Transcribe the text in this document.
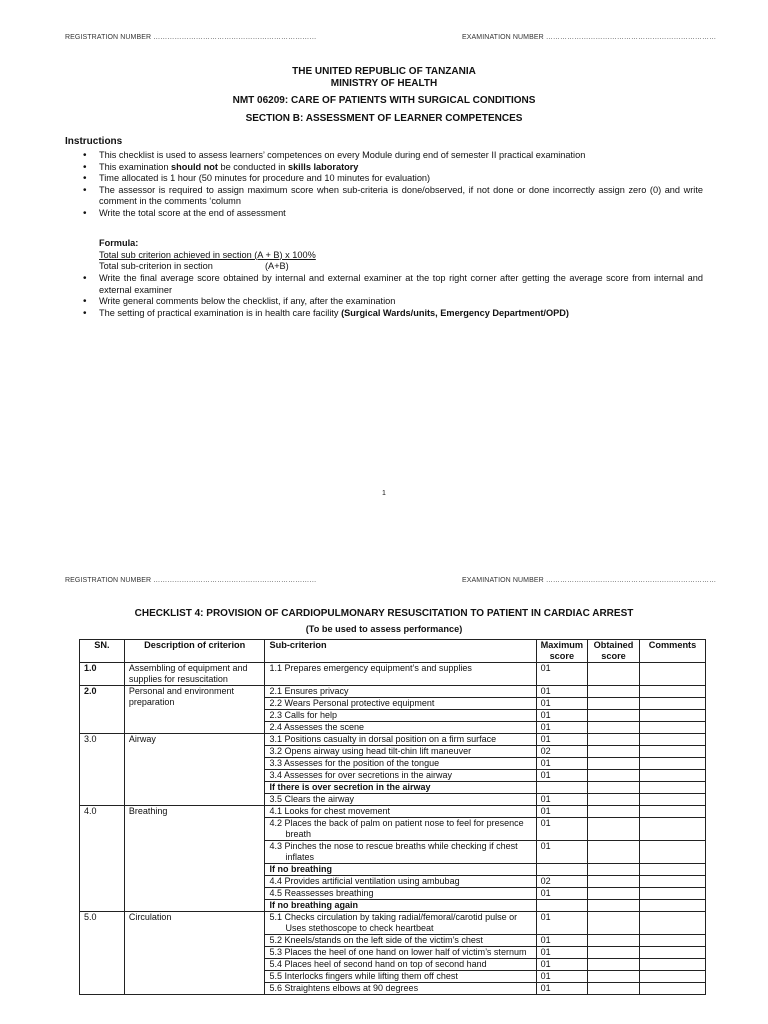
REGISTRATION NUMBER ……………………………………………………………	EXAMINATION NUMBER ………………………………………………………………
THE UNITED REPUBLIC OF TANZANIA
MINISTRY OF HEALTH
NMT 06209: CARE OF PATIENTS WITH SURGICAL CONDITIONS
SECTION B: ASSESSMENT OF LEARNER COMPETENCES
Instructions
• This checklist is used to assess learners’ competences on every Module during end of semester II practical examination
• This examination should not be conducted in skills laboratory
• Time allocated is 1 hour (50 minutes for procedure and 10 minutes for evaluation)
• The assessor is required to assign maximum score when sub-criteria is done/observed, if not done or done incorrectly assign zero (0) and write comment in the comments ‘column
• Write the total score at the end of assessment
Formula:
Total sub criterion achieved in section (A + B) x 100%
Total sub-criterion in section	(A+B)
• Write the final average score obtained by internal and external examiner at the top right corner after getting the average score from internal and external examiner
• Write general comments below the checklist, if any, after the examination
• The setting of practical examination is in health care facility (Surgical Wards/units, Emergency Department/OPD)
1
REGISTRATION NUMBER ……………………………………………………………	EXAMINATION NUMBER ………………………………………………………………
CHECKLIST 4: PROVISION OF CARDIOPULMONARY RESUSCITATION TO PATIENT IN CARDIAC ARREST
(To be used to assess performance)
SN.	Description of criterion	Sub-criterion	Maximum score	Obtained score	Comments
1.0	Assembling of equipment and supplies for resuscitation	1.1 Prepares emergency equipment’s and supplies	01		
2.0	Personal and environment preparation	2.1 Ensures privacy	01		

		2.2 Wears Personal protective equipment	01		

		2.3 Calls for help	01		

		2.4 Assesses the scene	01		
3.0	Airway	3.1 Positions casualty in dorsal position on a firm surface	01		

		3.2 Opens airway using head tilt-chin lift maneuver	02		

		3.3 Assesses for the position of the tongue	01		

		3.4 Assesses for over secretions in the airway	01		
		If there is over secretion in the airway			

		3.5 Clears the airway	01		
4.0	Breathing	4.1 Looks for chest movement	01		

		4.2 Places the back of palm on patient nose to feel for presence breath	01		

		4.3 Pinches the nose to rescue breaths while checking if chest inflates	01		
		If no breathing			

		4.4 Provides artificial ventilation using ambubag	02		

		4.5 Reassesses breathing	01		
		If no breathing again			
5.0	Circulation	5.1 Checks circulation by taking radial/femoral/carotid pulse or Uses stethoscope to check heartbeat	01		

		5.2 Kneels/stands on the left side of the victim’s chest	01		

		5.3 Places the heel of one hand on lower half of victim’s sternum	01		

		5.4 Places heel of second hand on top of second hand	01		

		5.5 Interlocks fingers while lifting them off chest	01		

		5.6 Straightens elbows at 90 degrees	01		
